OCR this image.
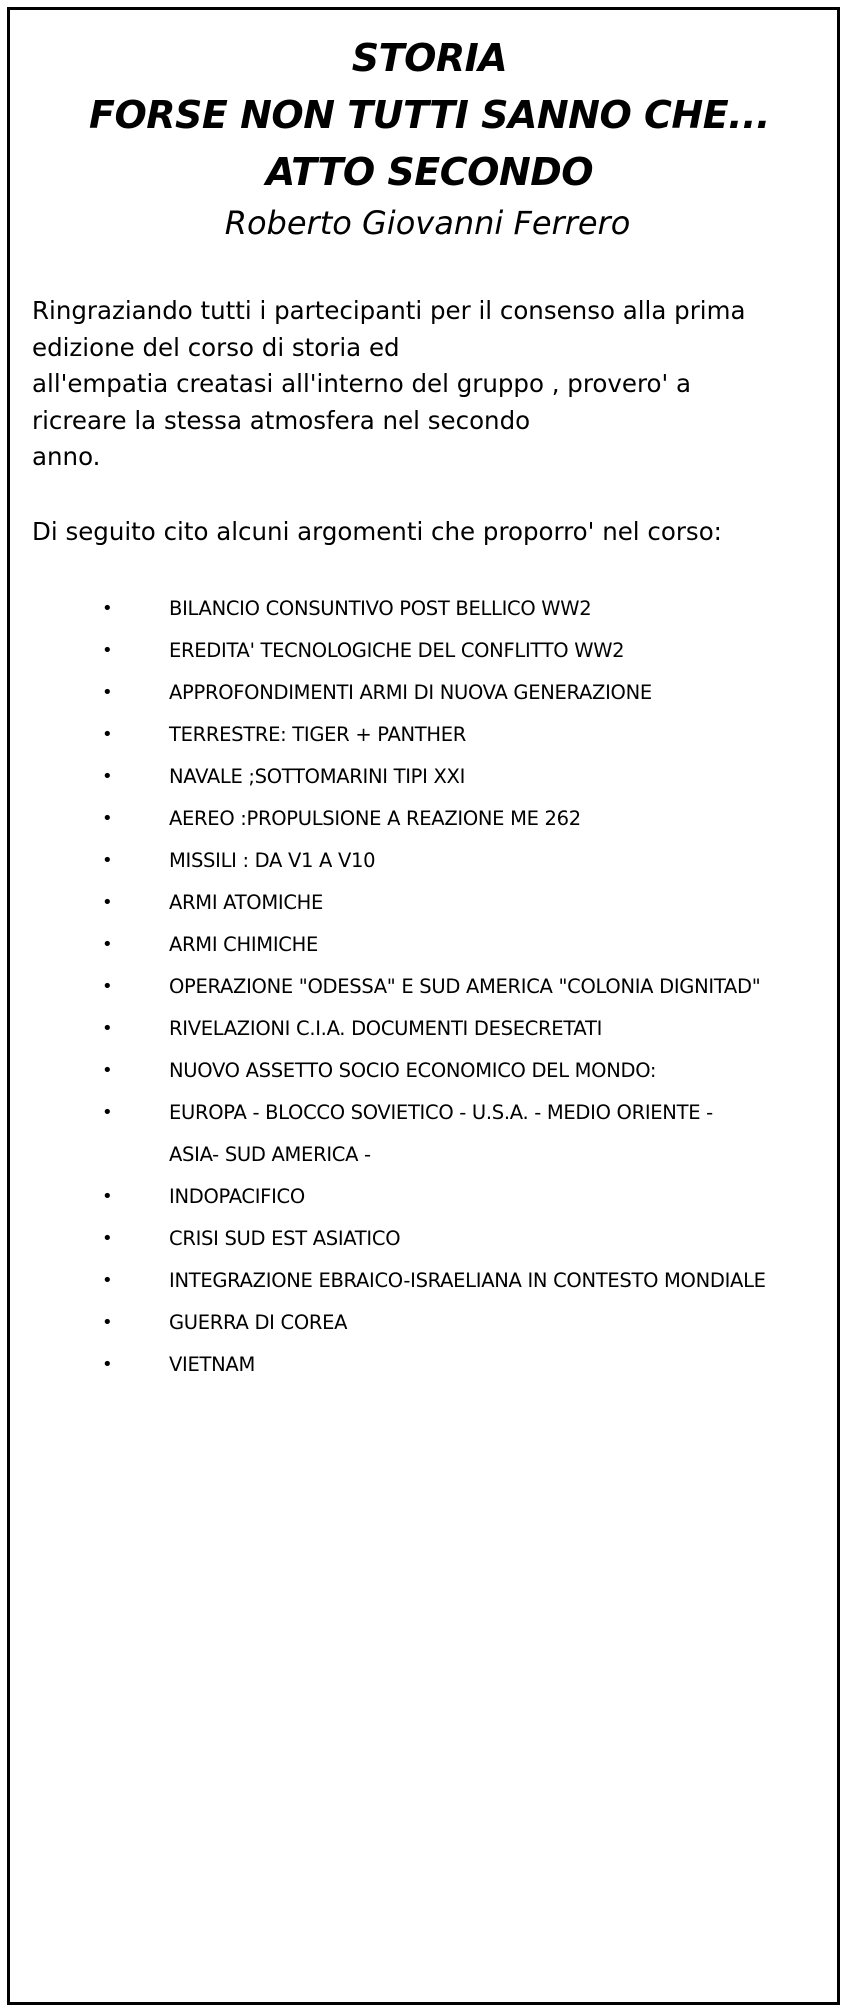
STORIA
FORSE NON TUTTI SANNO CHE...
ATTO SECONDO
Roberto Giovanni Ferrero
Ringraziando tutti i partecipanti per il consenso alla prima
edizione del corso di storia ed
all'empatia creatasi all'interno del gruppo , provero' a
ricreare la stessa atmosfera nel secondo
anno.
Di seguito cito alcuni argomenti che proporro' nel corso:
•	BILANCIO CONSUNTIVO POST BELLICO WW2
•	EREDITA' TECNOLOGICHE DEL CONFLITTO WW2
•	APPROFONDIMENTI ARMI DI NUOVA GENERAZIONE
•	TERRESTRE: TIGER + PANTHER
•	NAVALE ;SOTTOMARINI TIPI XXI
•	AEREO :PROPULSIONE A REAZIONE ME 262
•	MISSILI : DA V1 A V10
•	ARMI ATOMICHE
•	ARMI CHIMICHE
•	OPERAZIONE "ODESSA" E SUD AMERICA "COLONIA DIGNITAD"
•	RIVELAZIONI C.I.A. DOCUMENTI DESECRETATI
•	NUOVO ASSETTO SOCIO ECONOMICO DEL MONDO:
•	EUROPA - BLOCCO SOVIETICO - U.S.A. - MEDIO ORIENTE -
ASIA- SUD AMERICA -
•	INDOPACIFICO
•	CRISI SUD EST ASIATICO
•	INTEGRAZIONE EBRAICO-ISRAELIANA IN CONTESTO MONDIALE
•	GUERRA DI COREA
•	VIETNAM
